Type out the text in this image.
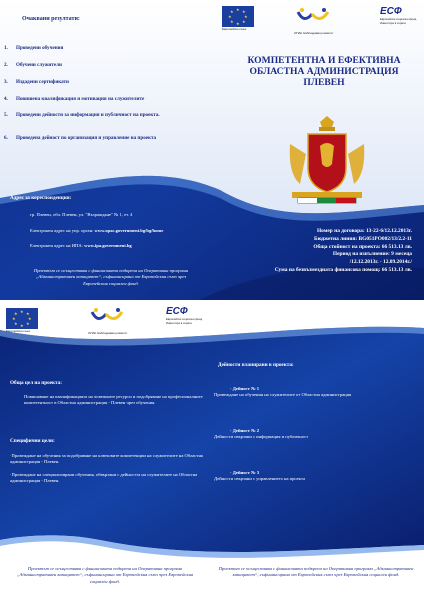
★ ★
★
★
★
★
★
★
Европейски съюз
ОПАК Наблюдаващ комитет
ЕСФ
Европейски социален фонд Инвестира в хората
Очаквани резултати:
1. Проведени обучения
2. Обучени служители
3. Издадени сертификати
4. Повишена квалификация и мотивация на служителите
5. Проведени дейности за информация и публичност на проекта.
6. Проведена дейност по организация и управление на проекта
КОМПЕТЕНТНА И ЕФЕКТИВНА ОБЛАСТНА АДМИНИСТРАЦИЯ ПЛЕВЕН
Адрес за кореспонденция:
гр. Плевен, обл. Плевен, ул. "Възраждане" № 1, ет. 4
Електронен адрес на упр. орган: www.opac.government.bg/bg/home
Електронен адрес на ИПА: www.ipa.government.bg
Проектът се осъществява с финансовата подкрепа на Оперативна програма „Административен капацитет“, съфинансирана от Европейския съюз чрез Европейския социален фонд.
Номер на договора: 13-22-6/12.12.2013г.
Бюджетна линия: BG051PO002/13/2.2-11
Обща стойност на проекта: 66 513.13 лв.
Период на изпълнение: 9 месеца
/12.12.2013г. - 12.09.2014г./
Сума на безвъзмездната финансова помощ: 66 513.13 лв.
★ ★
★
★
★
★
★
★
Европейски съюз	ОПАК Наблюдаващ комитет
ЕСФ
Европейски социален фонд Инвестира в хората
Обща цел на проекта:
Повишаване на квалификацията на човешките ресурси и подобряване на професионалните компетентност в Областна администрация - Плевен чрез обучения.
Специфични цели:
·Провеждане на обучения за подобряване на ключовите компетенции на служителите на Областна администрация - Плевен.
·Провеждане на специализирани обучения, обвързани с дейността на служителите на Областна администрация - Плевен.
Дейности планирани в проекта:
· Дейност № 1
Провеждане на обучения на служителите от Областна администрация
· Дейност № 2
Дейности свързани с информация и публичност
· Дейност № 3
Дейности свързани с управлението на проекта
Проектът се осъществява с финансовата подкрепа на Оперативна програма „Административен капацитет“, съфинансирана от Европейския съюз чрез Европейския социален фонд.
Проектът се осъществява с финансовата подкрепа на Оперативна програма „Административен капацитет“, съфинансирана от Европейския съюз чрез Европейския социален фонд.
